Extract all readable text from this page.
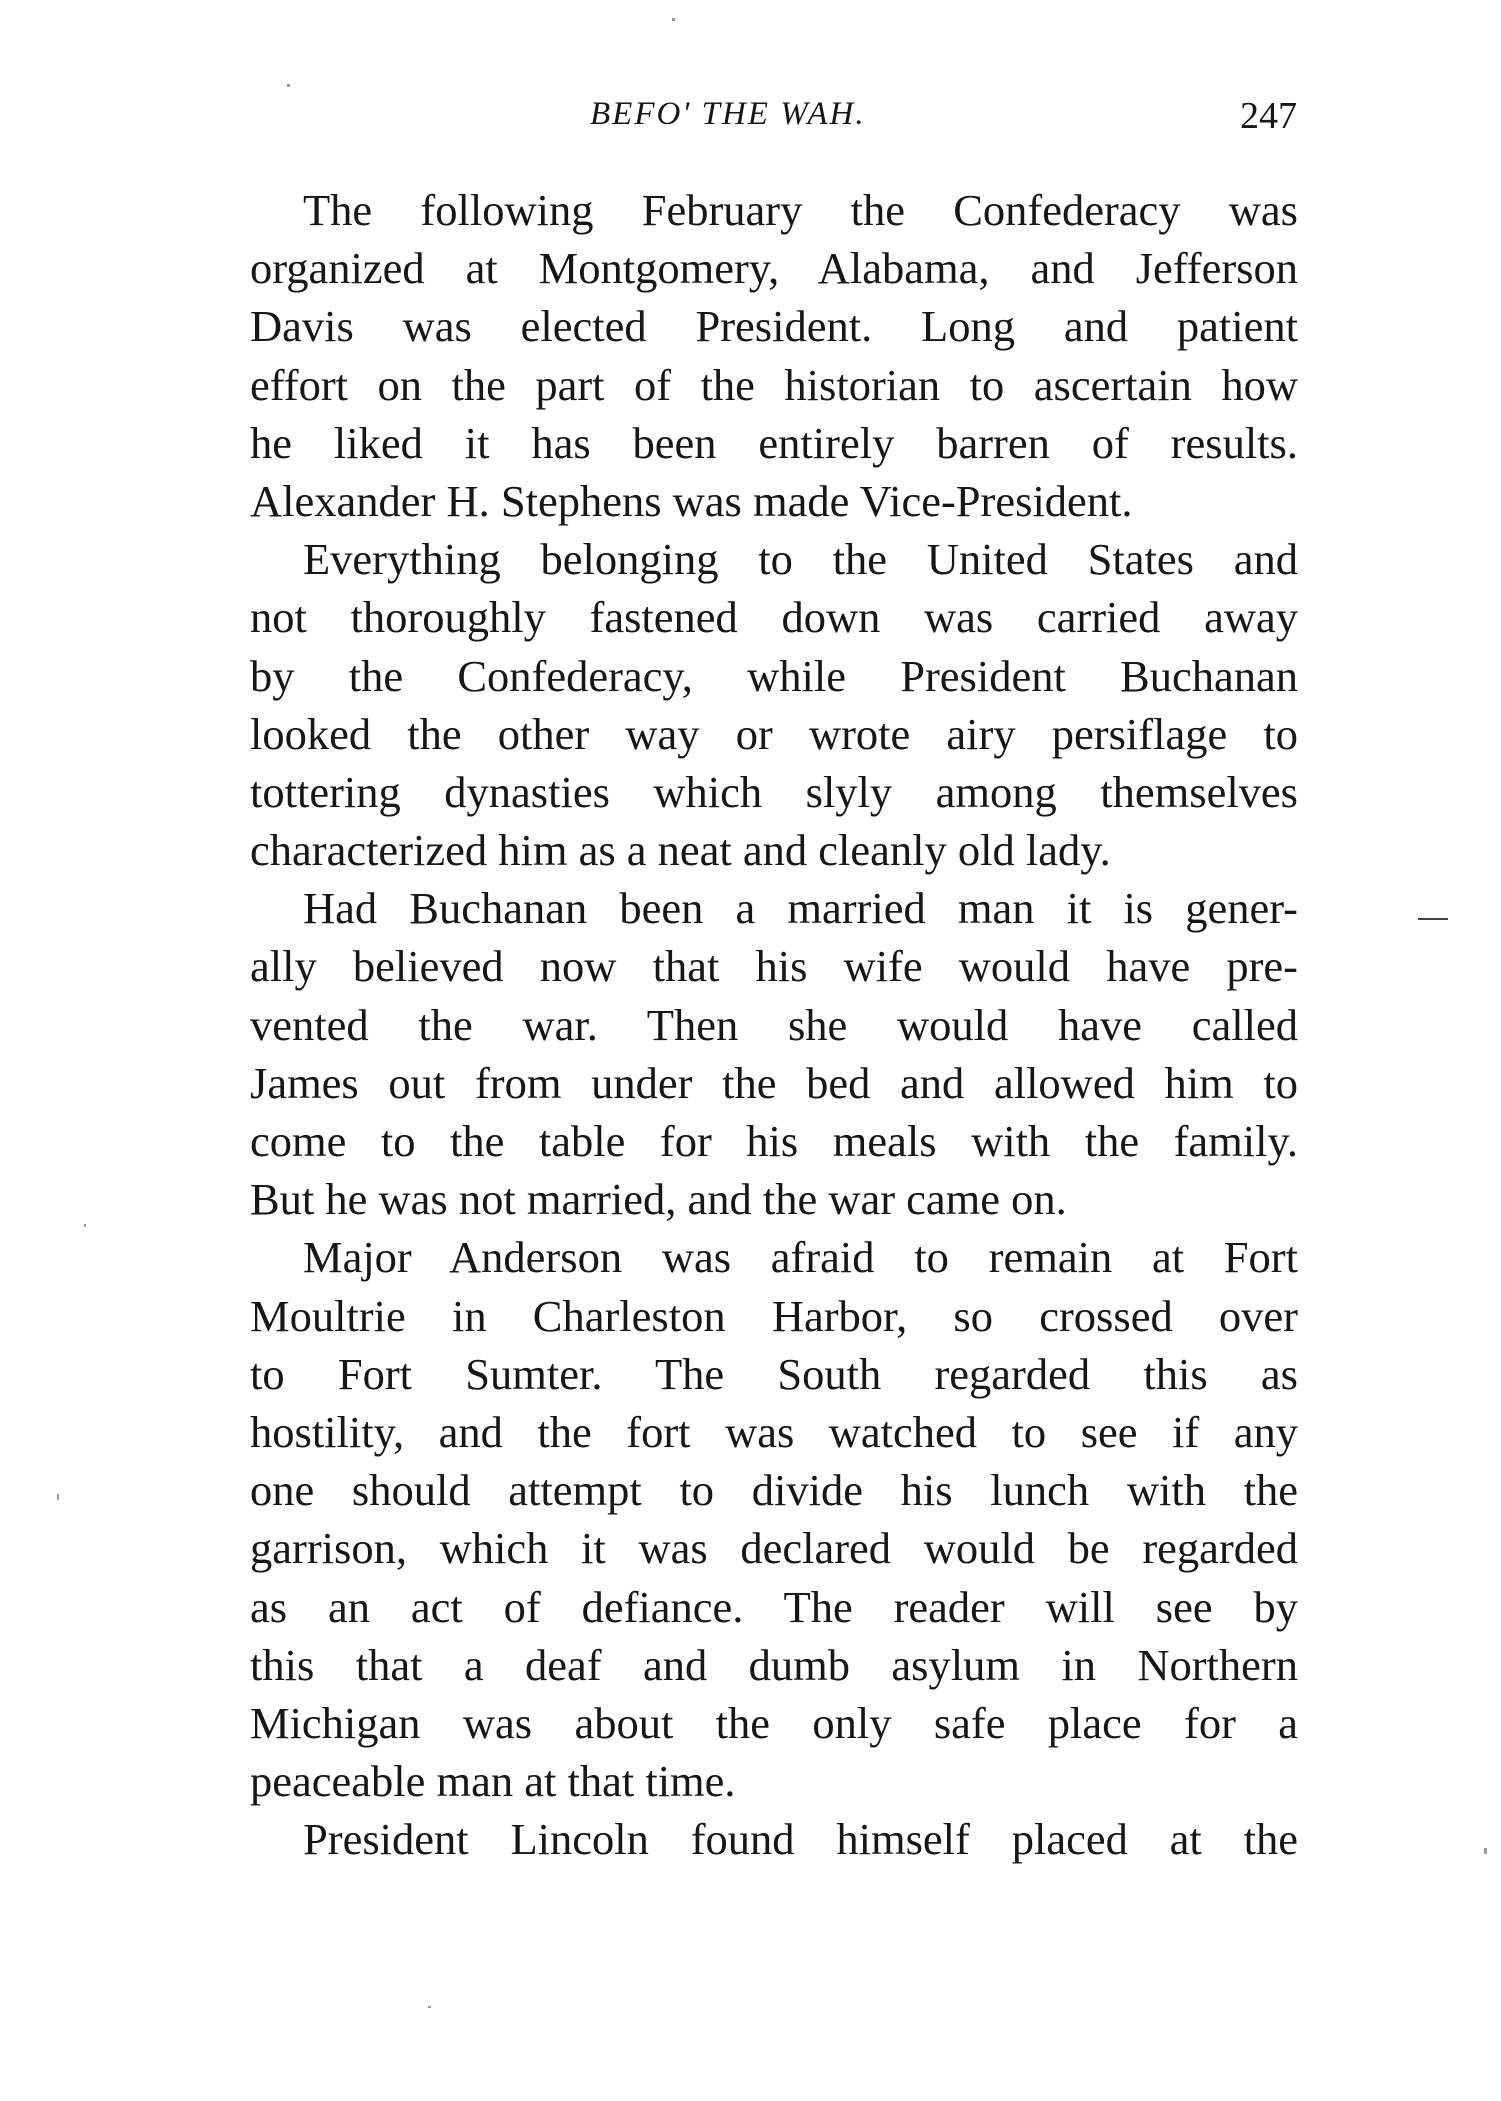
BEFO' THE WAH.	247

The following February the Confederacy was
organized at Montgomery, Alabama, and Jefferson
Davis was elected President. Long and patient
effort on the part of the historian to ascertain how
he liked it has been entirely barren of results.
Alexander H. Stephens was made Vice-President.

Everything belonging to the United States and
not thoroughly fastened down was carried away
by the Confederacy, while President Buchanan
looked the other way or wrote airy persiflage to
tottering dynasties which slyly among themselves
characterized him as a neat and cleanly old lady.

Had Buchanan been a married man it is gener-
ally believed now that his wife would have pre-
vented the war. Then she would have called
James out from under the bed and allowed him to
come to the table for his meals with the family.
But he was not married, and the war came on.

Major Anderson was afraid to remain at Fort
Moultrie in Charleston Harbor, so crossed over
to Fort Sumter. The South regarded this as
hostility, and the fort was watched to see if any
one should attempt to divide his lunch with the
garrison, which it was declared would be regarded
as an act of defiance. The reader will see by
this that a deaf and dumb asylum in Northern
Michigan was about the only safe place for a
peaceable man at that time.

President Lincoln found himself placed at the
